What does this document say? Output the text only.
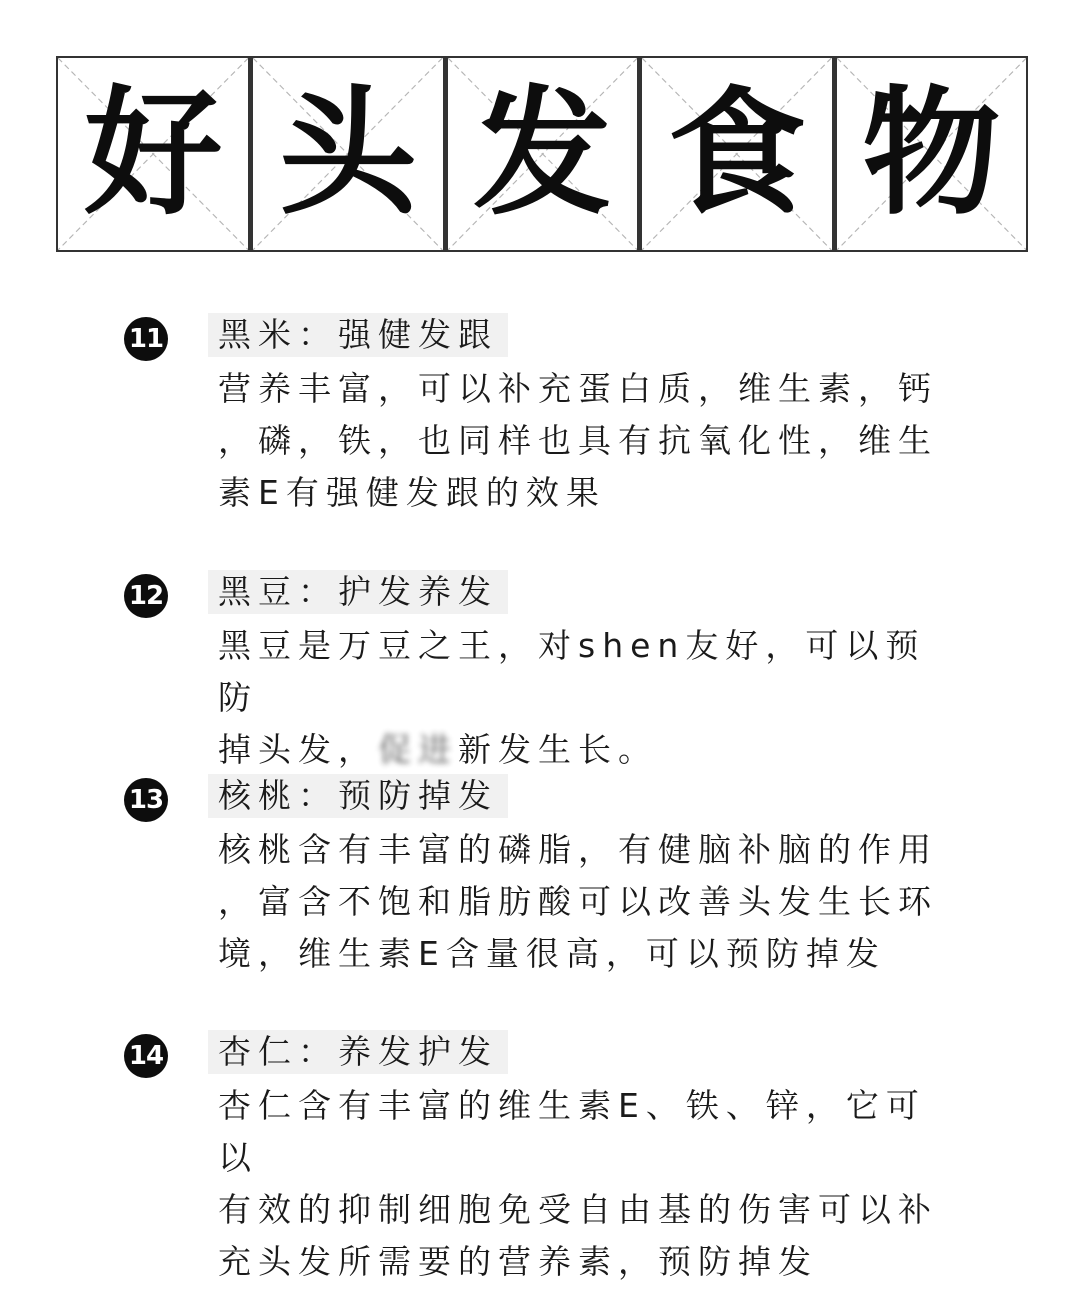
好 头 发 食 物
11	黑米：强健发跟
营养丰富，可以补充蛋白质，维生素，钙
，磷，铁，也同样也具有抗氧化性，维生
素E有强健发跟的效果
12	黑豆：护发养发
黑豆是万豆之王，对shen友好，可以预防
掉头发，促进新发生长。
13	核桃：预防掉发
核桃含有丰富的磷脂，有健脑补脑的作用
，富含不饱和脂肪酸可以改善头发生长环
境，维生素E含量很高，可以预防掉发
14	杏仁：养发护发
杏仁含有丰富的维生素E、铁、锌，它可以
有效的抑制细胞免受自由基的伤害可以补
充头发所需要的营养素，预防掉发
